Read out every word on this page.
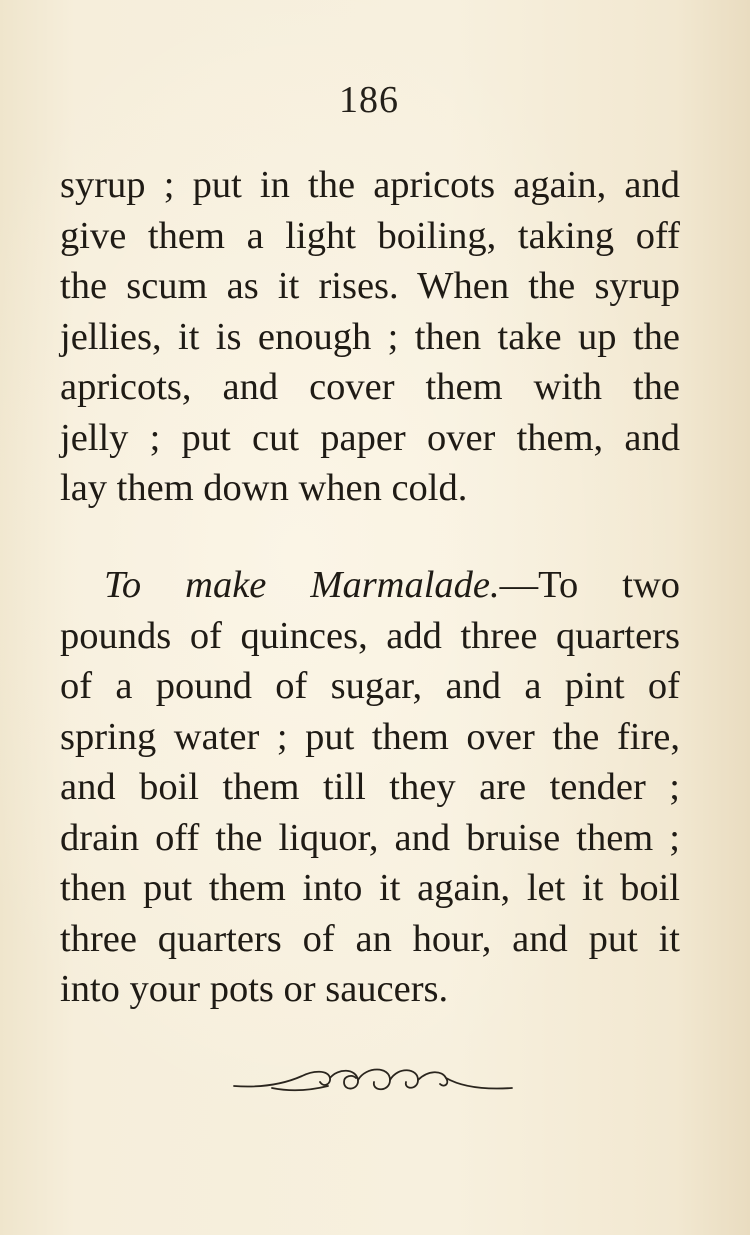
186
syrup ; put in the apricots again, and
give them a light boiling, taking off
the scum as it rises. When the syrup
jellies, it is enough ; then take up the
apricots, and cover them with the
jelly ; put cut paper over them, and
lay them down when cold.
To make Marmalade.—To two
pounds of quinces, add three quarters
of a pound of sugar, and a pint of
spring water ; put them over the fire,
and boil them till they are tender ;
drain off the liquor, and bruise them ;
then put them into it again, let it boil
three quarters of an hour, and put it
into your pots or saucers.
